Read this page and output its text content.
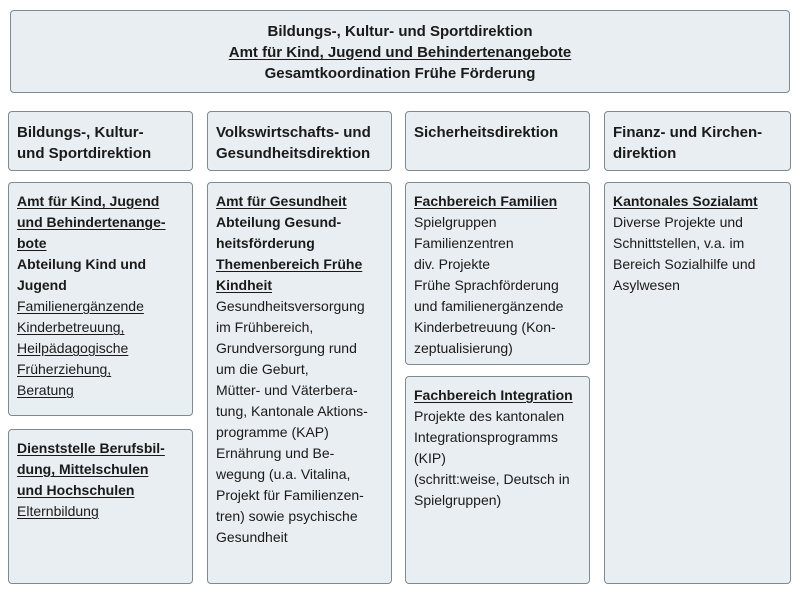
Bildungs-, Kultur- und Sportdirektion
Amt für Kind, Jugend und Behindertenangebote
Gesamtkoordination Frühe Förderung
Bildungs-, Kultur-
und Sportdirektion
Volkswirtschafts- und
Gesundheitsdirektion
Sicherheitsdirektion	Finanz- und Kirchen-
direktion
Amt für Kind, Jugend
und Behindertenange-
bote
Abteilung Kind und
Jugend
Familienergänzende
Kinderbetreuung,
Heilpädagogische
Früherziehung,
Beratung
Dienststelle Berufsbil-
dung, Mittelschulen
und Hochschulen
Elternbildung
Amt für Gesundheit
Abteilung Gesund-
heitsförderung
Themenbereich Frühe
Kindheit
Gesundheitsversorgung
im Frühbereich,
Grundversorgung rund
um die Geburt,
Mütter- und Väterbera-
tung, Kantonale Aktions-
programme (KAP)
Ernährung und Be-
wegung (u.a. Vitalina,
Projekt für Familienzen-
tren) sowie psychische
Gesundheit
Fachbereich Familien
Spielgruppen
Familienzentren
div. Projekte
Frühe Sprachförderung
und familienergänzende
Kinderbetreuung (Kon-
zeptualisierung)
Fachbereich Integration
Projekte des kantonalen
Integrationsprogramms
(KIP)
(schritt:weise, Deutsch in
Spielgruppen)
Kantonales Sozialamt
Diverse Projekte und
Schnittstellen, v.a. im
Bereich Sozialhilfe und
Asylwesen
